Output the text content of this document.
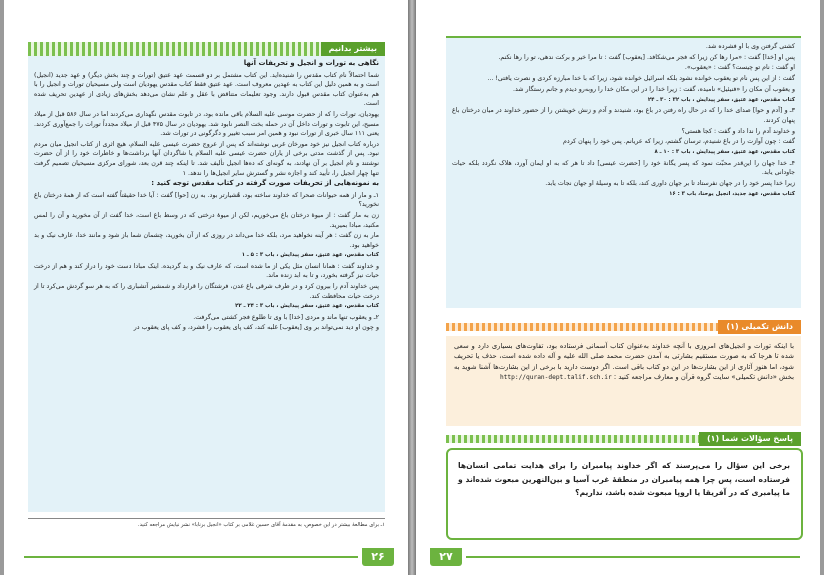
بیشتر بدانیم

نگاهی به تورات و انجیل و تحریفات آنها

شما احتمالاً نام کتاب مقدس را شنیده‌اید. این کتاب مشتمل بر دو قسمت عهد عتیق (تورات و چند بخش دیگر) و عهد جدید (انجیل) است و به همین دلیل این کتاب به عهدین معروف است. عهد عتیق فقط کتاب مقدس یهودیان است ولی مسیحیان تورات و انجیل را با هم به‌عنوان کتاب مقدس قبول دارند. وجود تعلیمات متناقض با عقل و علم نشان می‌دهد بخش‌های زیادی از عهدین تحریف شده است.

یهودیان، تورات را که از حضرت موسی علیه السلام باقی مانده بود، در تابوت مقدس نگهداری می‌کردند اما در سال ۵۸۶ قبل از میلاد مسیح، این تابوت و تورات داخل آن در حمله بخت النصر نابود شد. یهودیان در سال ۴۷۵ قبل از میلاد مجدداً تورات را جمع‌آوری کردند. یعنی ۱۱۱ سال خبری از تورات نبود و همین امر سبب تغییر و دگرگونی در تورات شد.

درباره کتاب انجیل نیز خود مورخان غربی نوشته‌اند که پس از عروج حضرت عیسی علیه السلام، هیچ اثری از کتاب انجیل میان مردم نبود. پس از گذشت مدتی برخی از یاران حضرت عیسی علیه السلام یا شاگردان آنها برداشت‌ها و خاطرات خود را از آن حضرت نوشتند و نام انجیل بر آن نهادند، به گونه‌ای که ده‌ها انجیل تألیف شد. تا اینکه چند قرن بعد، شورای مرکزی مسیحیان تصمیم گرفت تنها چهار انجیل را، تأیید کند و اجازه نشر و گسترش سایر انجیل‌ها را ندهد. ۱

به نمونه‌هایی از تحریفات صورت گرفته در کتاب مقدس توجه کنید :

۱ـ و مار از همه حیوانات صحرا که خداوند ساخته بود، هُشیارتر بود. به زن [حوا] گفت : آیا خدا حقیقتاً گفته است که از همهٔ درختان باغ نخورید؟

زن به مار گفت : از میوهٔ درختان باغ می‌خوریم، لکن از میوهٔ درختی که در وسط باغ است، خدا گفت از آن مخورید و آن را لمس مکنید، مبادا بمیرید.

مار به زن گفت : هر آینه نخواهید مرد، بلکه خدا می‌داند در روزی که از آن بخورید، چشمان شما باز شود و مانند خدا، عارف نیک و بد خواهید بود.

کتاب مقدس، عهد عتیق، سفر پیدایش ، باب ۳ : ۵ ـ ۱

و خداوند گفت : همانا انسان مثل یکی از ما شده است، که عارف نیک و بد گردیده. اینک مبادا دست خود را دراز کند و هم از درخت حیات نیز گرفته بخورد، و تا به ابد زنده ماند.

پس خداوند آدم را بیرون کرد و در طرف شرقی باغ عدن، فرشتگان را قرارداد و شمشیر آتشباری را که به هر سو گردش می‌کرد تا از درخت حیات محافظت کند.

کتاب مقدس، عهد عتیق، سفر پیدایش ، باب ۳ : ۲۴ ـ ۲۲

۲ـ و یعقوب تنها ماند و مردی [خدا] با وی تا طلوع فجر کشتی می‌گرفت.

و چون او دید نمی‌تواند بر وی [یعقوب] غلبه کند، کف پای یعقوب را فشرد، و کف پای یعقوب در

۱ـ برای مطالعهٔ بیشتر در این خصوص، به مقدمهٔ آقای حسین غلامی بر کتاب «انجیل برنابا» نشر نیایش مراجعه کنید.
۲۶

کشتی گرفتن وی با او فشرده شد.

پس او [خدا] گفت : «مرا رها کن زیرا که فجر می‌شکافد. [یعقوب] گفت : تا مرا خیر و برکت ندهی، تو را رها نکنم.

او گفت : نام تو چیست؟ گفت : «یعقوب».

گفت : از این پس نام تو یعقوب خوانده نشود بلکه اسرائیل خوانده شود، زیرا که با خدا مبارزه کردی و نصرت یافتی! ...

و یعقوب آن مکان را «فنیئیل» نامیده، گفت : زیرا خدا را در این مکان خدا را روبه‌رو دیدم و جانم رستگار شد.

کتاب مقدس، عهد عتیق، سفر پیدایش ، باب ۳۲ : ۳۰ ـ ۲۴

۳ـ و [آدم و حوا] صدای خدا را که در حال راه رفتن در باغ بود، شنیدند و آدم و زنش خویشتن را از حضور خداوند در میان درختان باغ پنهان کردند.

و خداوند آدم را ندا داد و گفت : کجا هستی؟

گفت : چون آوازت را در باغ شنیدم، ترسان گشتم، زیرا که عریانم. پس خود را پنهان کردم

کتاب مقدس، عهد عتیق، سفر پیدایش ، باب ۳ : ۱۰ ـ ۸

۴ـ خدا جهان را این‌قدر محبّت نمود که پسر یگانهٔ خود را [حضرت عیسی] داد تا هر که به او ایمان آورد، هلاک نگردد بلکه حیات جاودانی یابد.

زیرا خدا پسر خود را در جهان نفرستاد تا بر جهان داوری کند، بلکه تا به وسیلهٔ او جهان نجات یابد.

کتاب مقدس، عهد جدید، انجیل یوحنا، باب ۳ : ۱۶

دانش تکمیلی (۱)
با اینکه تورات و انجیل‌های امروزی با آنچه خداوند به‌عنوان کتاب آسمانی فرستاده بود، تفاوت‌های بسیاری دارد و سعی شده تا هرجا که به صورت مستقیم بشارتی به آمدن حضرت محمد صلی الله علیه و آله داده شده است، حذف یا تحریف شود، اما هنوز آثاری از این بشارت‌ها در این دو کتاب باقی است. اگر دوست دارید با برخی از این بشارت‌ها آشنا شوید به بخش «دانش تکمیلی» سایت گروه قرآن و معارف مراجعه کنید : http://quran-dept.talif.sch.ir
پاسخ سؤالات شما (۱)
برخی این سؤال را می‌پرسند که اگر خداوند پیامبران را برای هدایت تمامی انسان‌ها فرستاده است، پس چرا همه پیامبران در منطقهٔ غرب آسیا و بین‌النهرین مبعوث شده‌اند و ما پیامبری که در آفریقا یا اروپا مبعوث شده باشد، نداریم؟
۲۷
